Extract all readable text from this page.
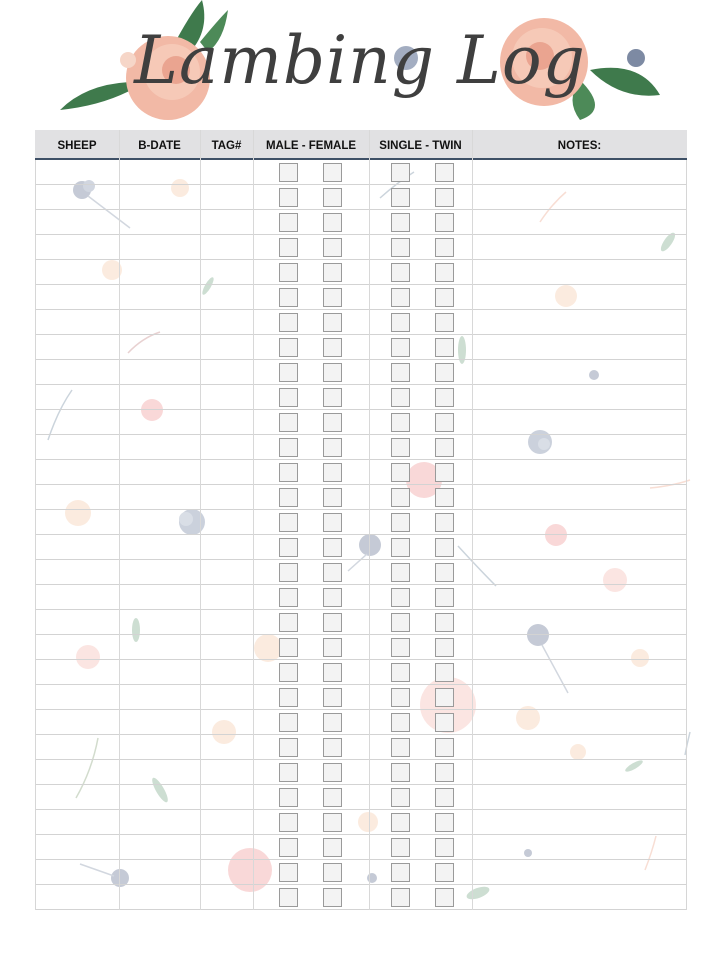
Lambing Log
SHEEP	B-DATE	TAG#	MALE - FEMALE	SINGLE - TWIN	NOTES:
